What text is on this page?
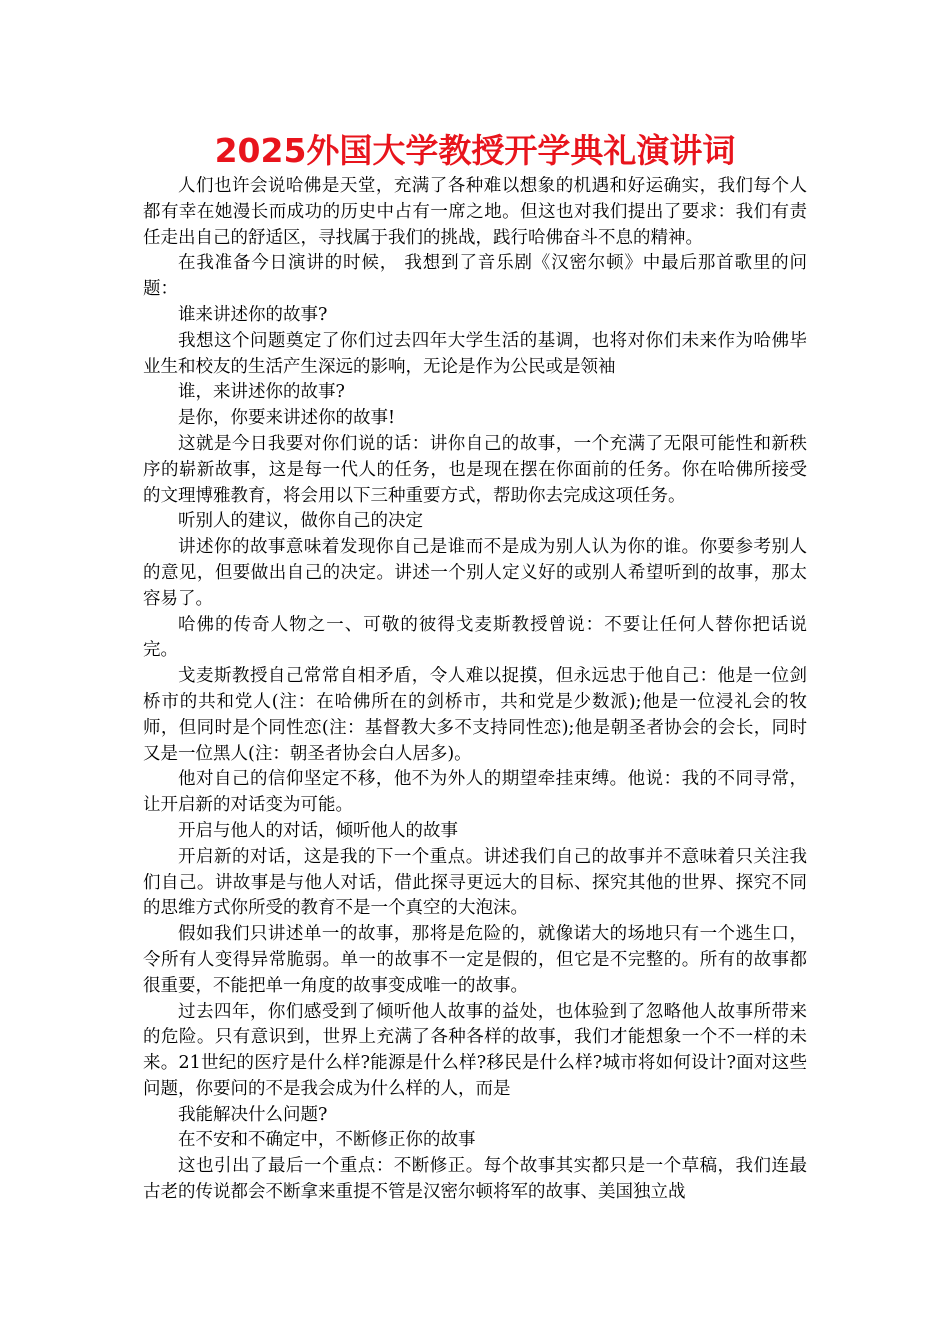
2025外国大学教授开学典礼演讲词

人们也许会说哈佛是天堂，充满了各种难以想象的机遇和好运确实，我们每个人都有幸在她漫长而成功的历史中占有一席之地。但这也对我们提出了要求：我们有责任走出自己的舒适区，寻找属于我们的挑战，践行哈佛奋斗不息的精神。

在我准备今日演讲的时候， 我想到了音乐剧《汉密尔顿》中最后那首歌里的问题：

谁来讲述你的故事?

我想这个问题奠定了你们过去四年大学生活的基调，也将对你们未来作为哈佛毕业生和校友的生活产生深远的影响，无论是作为公民或是领袖

谁，来讲述你的故事?

是你，你要来讲述你的故事!

这就是今日我要对你们说的话：讲你自己的故事，一个充满了无限可能性和新秩序的崭新故事，这是每一代人的任务，也是现在摆在你面前的任务。你在哈佛所接受的文理博雅教育，将会用以下三种重要方式，帮助你去完成这项任务。

听别人的建议，做你自己的决定

讲述你的故事意味着发现你自己是谁而不是成为别人认为你的谁。你要参考别人的意见，但要做出自己的决定。讲述一个别人定义好的或别人希望听到的故事，那太容易了。

哈佛的传奇人物之一、可敬的彼得戈麦斯教授曾说：不要让任何人替你把话说完。

戈麦斯教授自己常常自相矛盾，令人难以捉摸，但永远忠于他自己：他是一位剑桥市的共和党人(注：在哈佛所在的剑桥市，共和党是少数派);他是一位浸礼会的牧师，但同时是个同性恋(注：基督教大多不支持同性恋);他是朝圣者协会的会长，同时又是一位黑人(注：朝圣者协会白人居多)。

他对自己的信仰坚定不移，他不为外人的期望牵挂束缚。他说：我的不同寻常，让开启新的对话变为可能。

开启与他人的对话，倾听他人的故事

开启新的对话，这是我的下一个重点。讲述我们自己的故事并不意味着只关注我们自己。讲故事是与他人对话，借此探寻更远大的目标、探究其他的世界、探究不同的思维方式你所受的教育不是一个真空的大泡沫。

假如我们只讲述单一的故事，那将是危险的，就像诺大的场地只有一个逃生口，令所有人变得异常脆弱。单一的故事不一定是假的，但它是不完整的。所有的故事都很重要，不能把单一角度的故事变成唯一的故事。

过去四年，你们感受到了倾听他人故事的益处，也体验到了忽略他人故事所带来的危险。只有意识到，世界上充满了各种各样的故事，我们才能想象一个不一样的未来。21世纪的医疗是什么样?能源是什么样?移民是什么样?城市将如何设计?面对这些问题，你要问的不是我会成为什么样的人，而是

我能解决什么问题?

在不安和不确定中，不断修正你的故事

这也引出了最后一个重点：不断修正。每个故事其实都只是一个草稿，我们连最古老的传说都会不断拿来重提不管是汉密尔顿将军的故事、美国独立战
